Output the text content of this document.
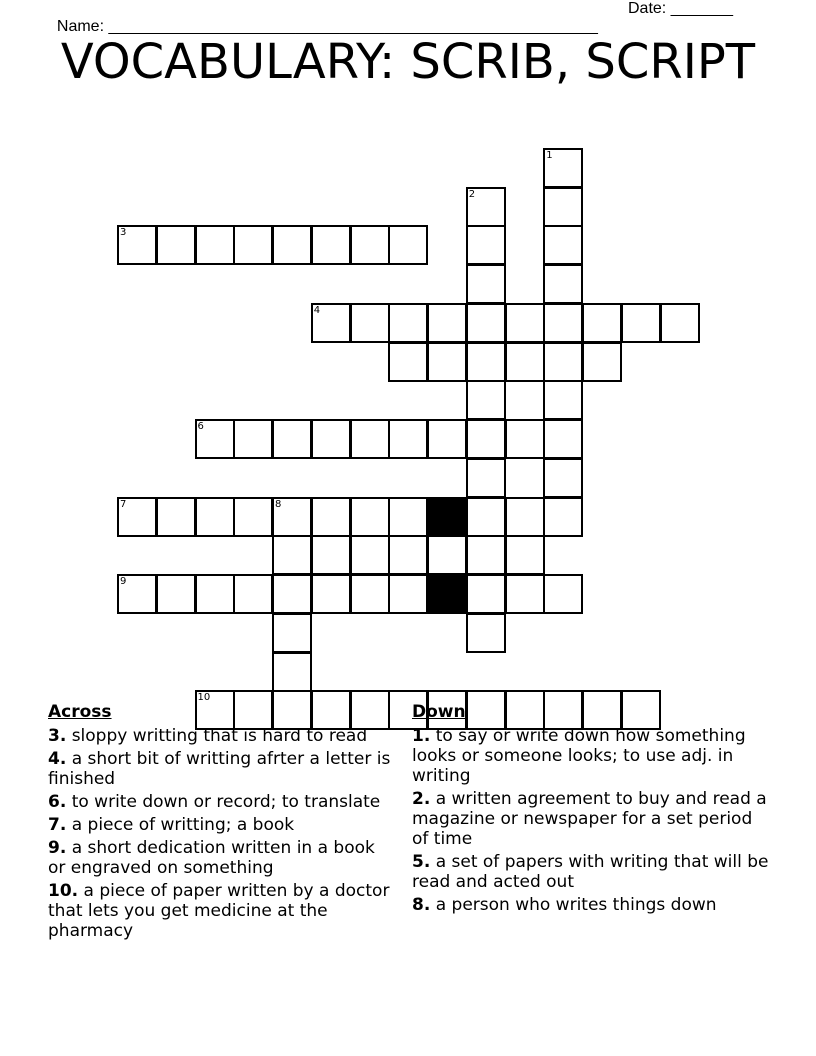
Name: _______________________________________________________

Date: _______

VOCABULARY: SCRIB, SCRIPT
1
2
3
4
6
7	8
9
10
Across
3. sloppy writting that is hard to read
4. a short bit of writting afrter a letter is finished
6. to write down or record; to translate
7. a piece of writting; a book
9. a short dedication written in a book or engraved on something
10. a piece of paper written by a doctor that lets you get medicine at the pharmacy
Down
1. to say or write down how something looks or someone looks; to use adj. in writing
2. a written agreement to buy and read a magazine or newspaper for a set period of time
5. a set of papers with writing that will be read and acted out
8. a person who writes things down
